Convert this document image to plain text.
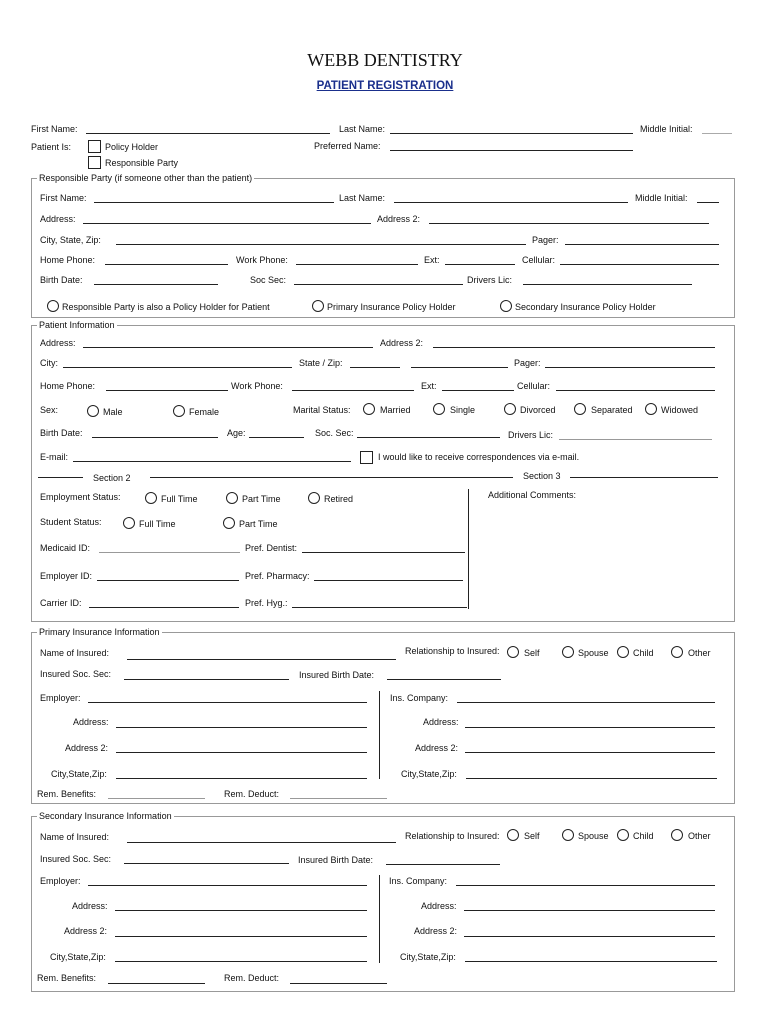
WEBB DENTISTRY
PATIENT REGISTRATION
First Name:	Last Name:	Middle Initial:
Patient Is:	Policy Holder
Responsible Party
Preferred Name:
Responsible Party (if someone other than the patient)
First Name:	Last Name:	Middle Initial:
Address:	Address 2:
City, State, Zip:	Pager:
Home Phone:	Work Phone:	Ext:	Cellular:
Birth Date:	Soc Sec:	Drivers Lic:
Responsible Party is also a Policy Holder for Patient	Primary Insurance Policy Holder	Secondary Insurance Policy Holder
Patient Information
Address:	Address 2:
City:	State / Zip:	Pager:
Home Phone:	Work Phone:	Ext:	Cellular:
Sex:	Male	Female	Marital Status:	Married	Single	Divorced	Separated	Widowed
Birth Date:	Age:	Soc. Sec:	Drivers Lic:
E-mail:	I would like to receive correspondences via e-mail.
Section 2	Section 3
Employment Status:	Full Time	Part Time	Retired
Student Status:	Full Time	Part Time
Medicaid ID:	Pref. Dentist:
Employer ID:	Pref. Pharmacy:
Carrier ID:	Pref. Hyg.:
Additional Comments:
Primary Insurance Information
Name of Insured:	Relationship to Insured:	Self	Spouse	Child	Other
Insured Soc. Sec:	Insured Birth Date:
Employer:	Ins. Company:
Address:	Address:
Address 2:	Address 2:
City,State,Zip:	City,State,Zip:
Rem. Benefits:	Rem. Deduct:
Secondary Insurance Information
Name of Insured:	Relationship to Insured:	Self	Spouse	Child	Other
Insured Soc. Sec:	Insured Birth Date:
Employer:	Ins. Company:
Address:	Address:
Address 2:	Address 2:
City,State,Zip:	City,State,Zip:
Rem. Benefits:	Rem. Deduct:
